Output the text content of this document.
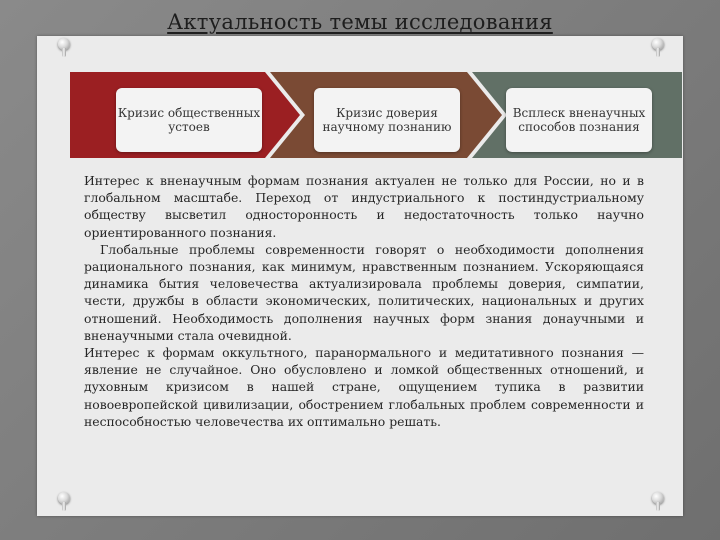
Актуальность темы исследования
Кризис общественных устоев
Кризис доверия научному познанию
Всплеск вненаучных способов познания

Интерес к вненаучным формам познания актуален не только для России, но и в глобальном масштабе. Переход от индустриального к постиндустриальному обществу высветил односторонность и недостаточность только научно ориентированного познания.

Глобальные проблемы современности говорят о необходимости дополнения рационального познания, как минимум, нравственным познанием. Ускоряющаяся динамика бытия человечества актуализировала проблемы доверия, симпатии, чести, дружбы в области экономических, политических, национальных и других отношений. Необходимость дополнения научных форм знания донаучными и вненаучными стала очевидной.

Интерес к формам оккультного, паранормального и медитативного познания — явление не случайное. Оно обусловлено и ломкой общественных отношений, и духовным кризисом в нашей стране, ощущением тупика в развитии новоевропейской цивилизации, обострением глобальных проблем современности и неспособностью человечества их оптимально решать.
